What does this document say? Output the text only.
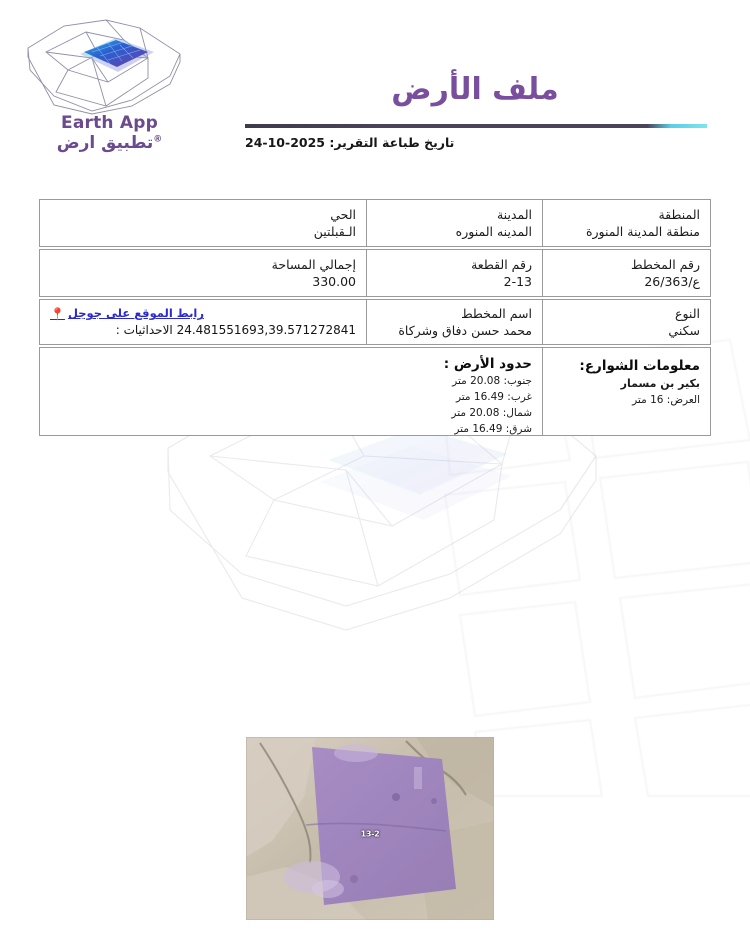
Earth App
®تطبيق ارض
ملف الأرض
تاريخ طباعة التقرير: 2025-10-24
المنطقة
منطقة المدينة المنورة
المدينة
المدينه المنوره
الحي
الـقبلتين
رقم المخطط
ع/26/363
رقم القطعة
2-13
إجمالي المساحة
330.00
النوع
سكني
اسم المخطط
محمد حسن دفاق وشركاة
رابط الموقع على جوجل
📍
24.481551693,39.571272841 الاحداثيات :
معلومات الشوارع:
بكير بن مسمار
العرض: 16 متر
حدود الأرض :
جنوب: 20.08 متر
غرب: 16.49 متر
شمال: 20.08 متر
شرق: 16.49 متر
13-2
